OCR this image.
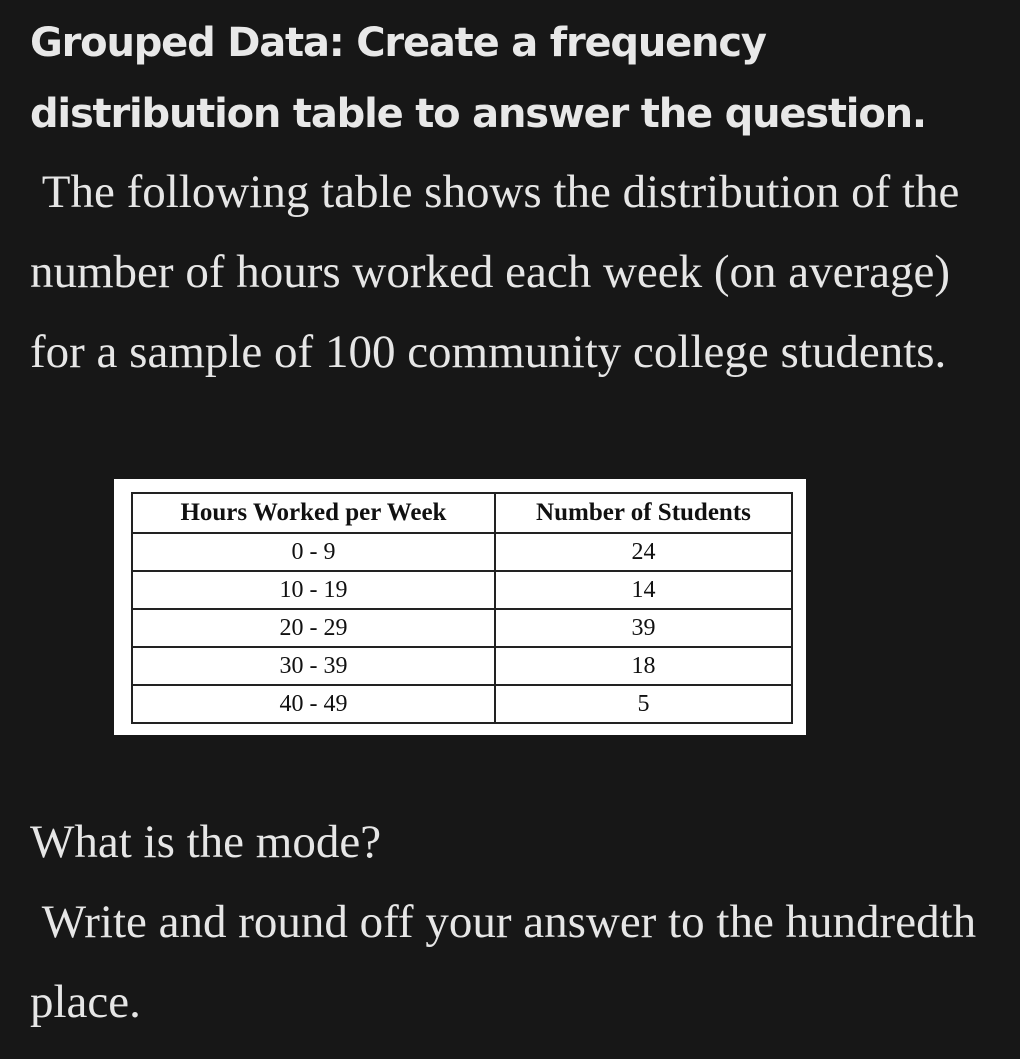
Grouped Data: Create a frequency distribution table to answer the question.

The following table shows the distribution of the number of hours worked each week (on average) for a sample of 100 community college students.

Hours Worked per Week	Number of Students
0 - 9	24
10 - 19	14
20 - 29	39
30 - 39	18
40 - 49	5

What is the mode?

Write and round off your answer to the hundredth place.
